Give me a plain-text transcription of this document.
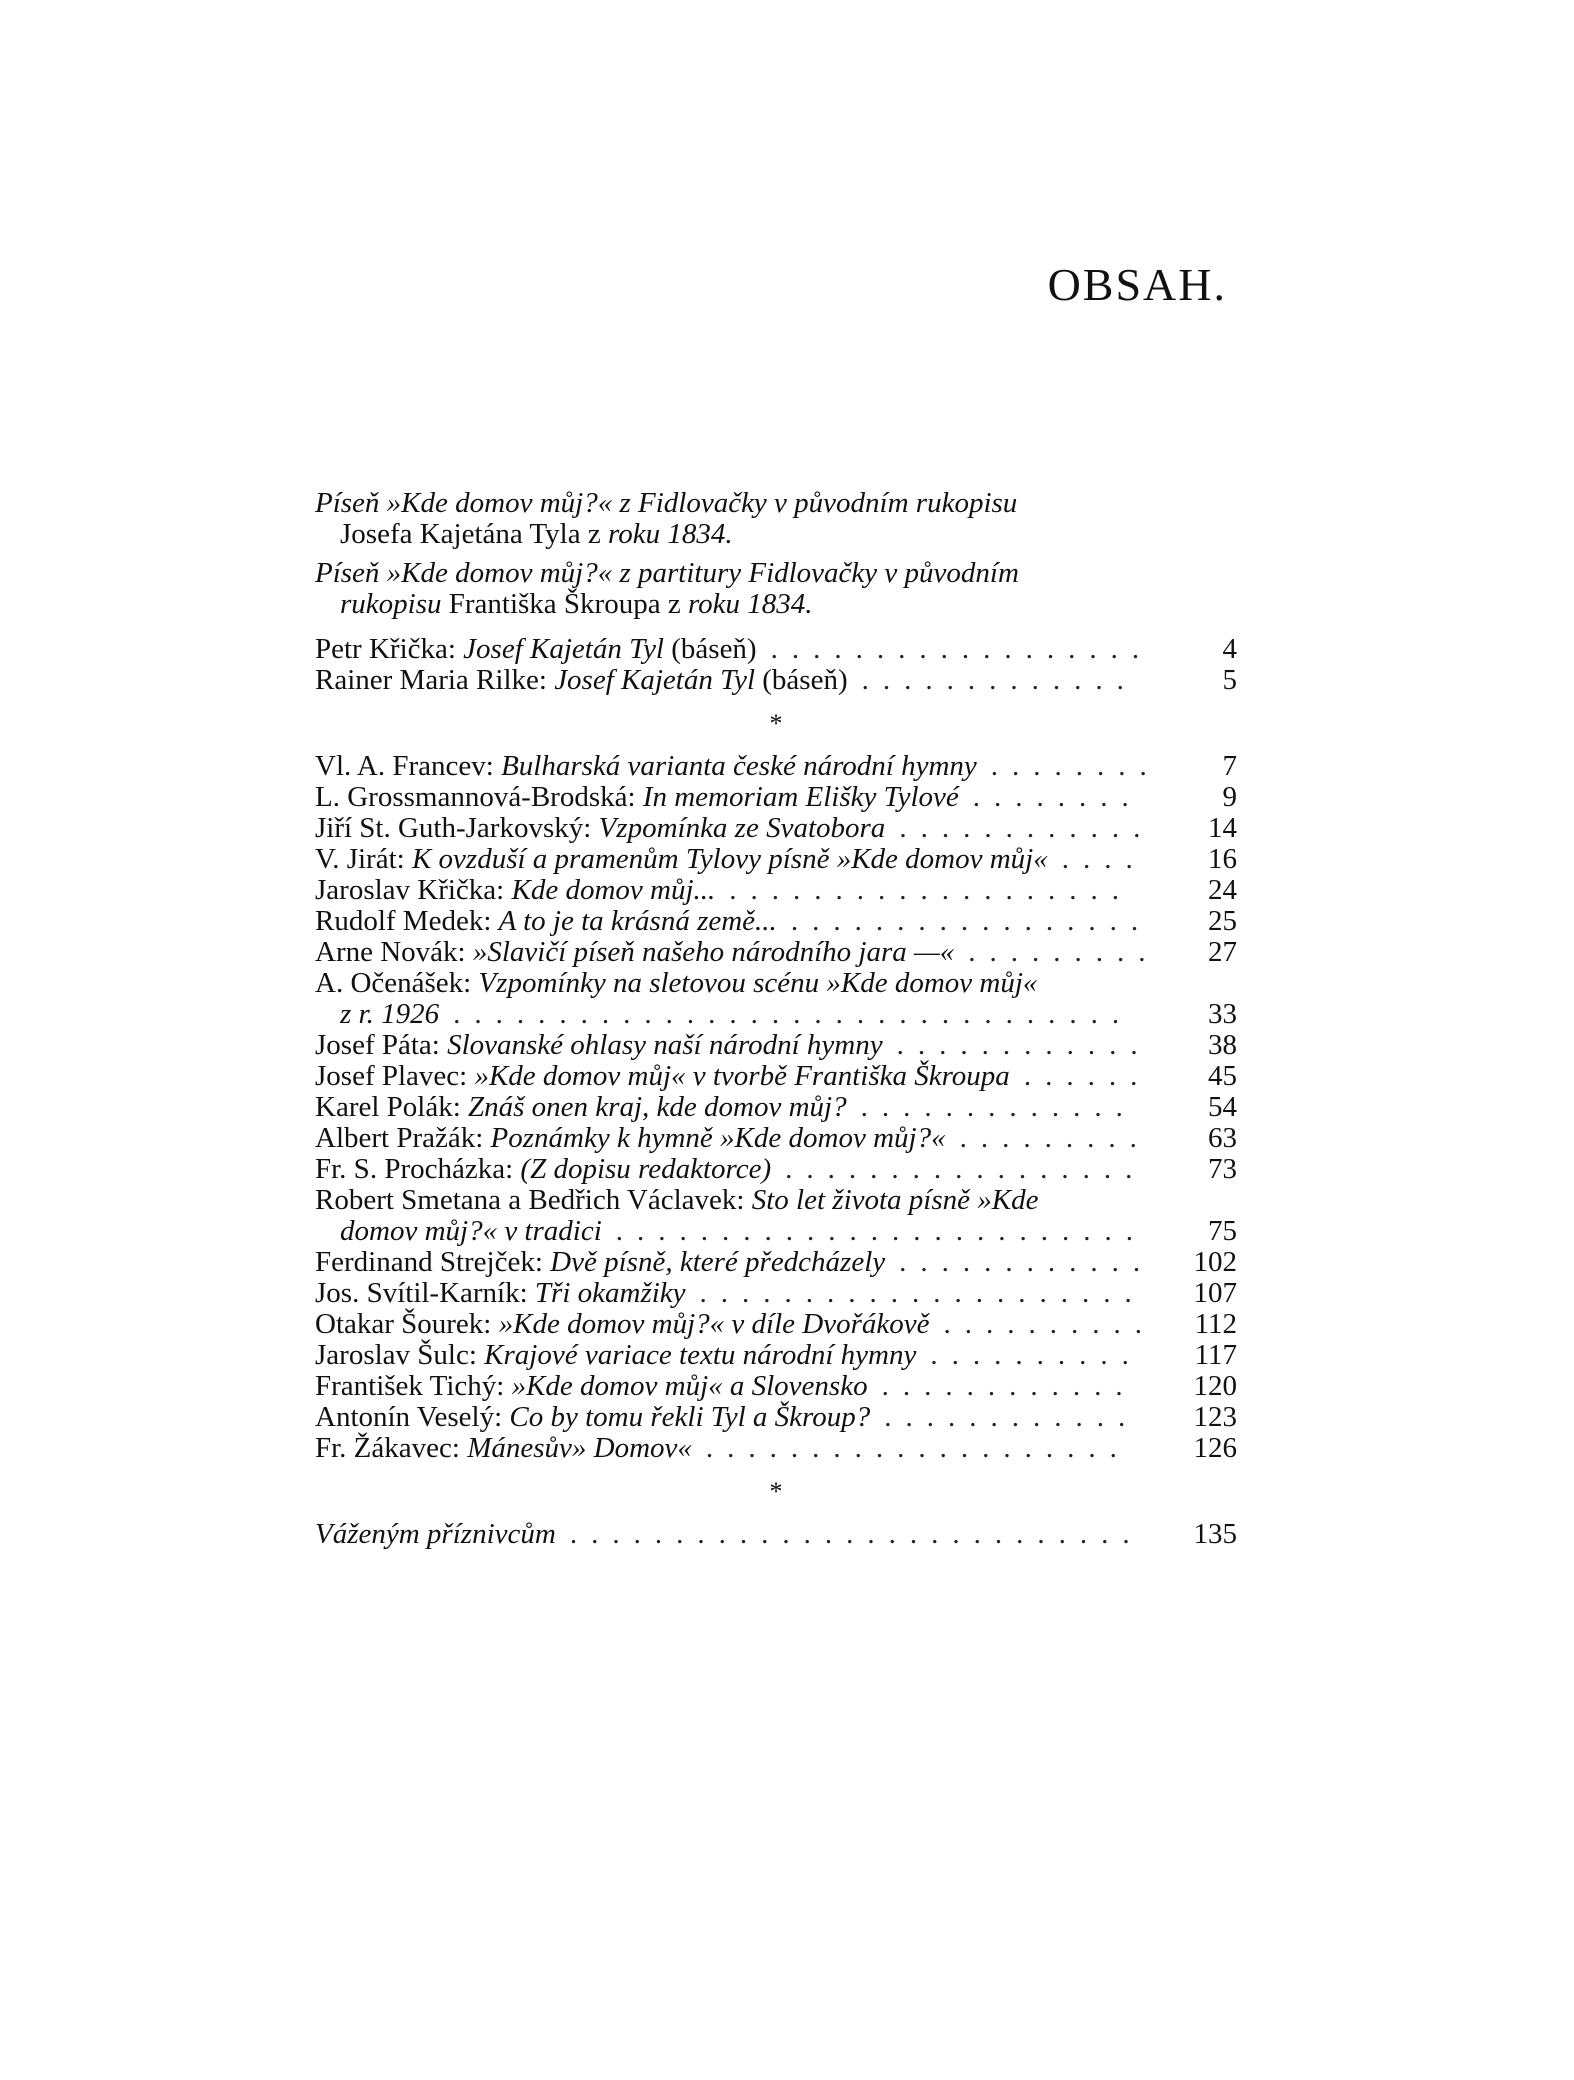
OBSAH.
Píseň »Kde domov můj?« z Fidlovačky v původním rukopisu
Josefa Kajetána Tyla z roku 1834.
Píseň »Kde domov můj?« z partitury Fidlovačky v původním
rukopisu Františka Škroupa z roku 1834.
Petr Křička: Josef Kajetán Tyl (báseň)	4
..................
Rainer Maria Rilke: Josef Kajetán Tyl (báseň)	5
.............
*
Vl. A. Francev: Bulharská varianta české národní hymny	7
........
L. Grossmannová-Brodská: In memoriam Elišky Tylové	9
........
Jiří St. Guth-Jarkovský: Vzpomínka ze Svatobora	14
............
V. Jirát: K ovzduší a pramenům Tylovy písně »Kde domov můj«	16
....
Jaroslav Křička: Kde domov můj...	24
...................
Rudolf Medek: A to je ta krásná země...	25
.................
Arne Novák: »Slavičí píseň našeho národního jara —«	27
.........
A. Očenášek: Vzpomínky na sletovou scénu »Kde domov můj«
z r. 1926	33
................................
Josef Páta: Slovanské ohlasy naší národní hymny	38
............
Josef Plavec: »Kde domov můj« v tvorbě Františka Škroupa	45
......
Karel Polák: Znáš onen kraj, kde domov můj?	54
.............
Albert Pražák: Poznámky k hymně »Kde domov můj?«	63
.........
Fr. S. Procházka: (Z dopisu redaktorce)	73
.................
Robert Smetana a Bedřich Václavek: Sto let života písně »Kde
domov můj?« v tradici	75
.........................
Ferdinand Strejček: Dvě písně, které předcházely	102
............
Jos. Svítil-Karník: Tři okamžiky	107
.....................
Otakar Šourek: »Kde domov můj?« v díle Dvořákově	112
..........
Jaroslav Šulc: Krajové variace textu národní hymny	117
..........
František Tichý: »Kde domov můj« a Slovensko	120
............
Antonín Veselý: Co by tomu řekli Tyl a Škroup?	123
............
Fr. Žákavec: Mánesův» Domov«	126
....................
*
Váženým příznivcům	135
...........................
